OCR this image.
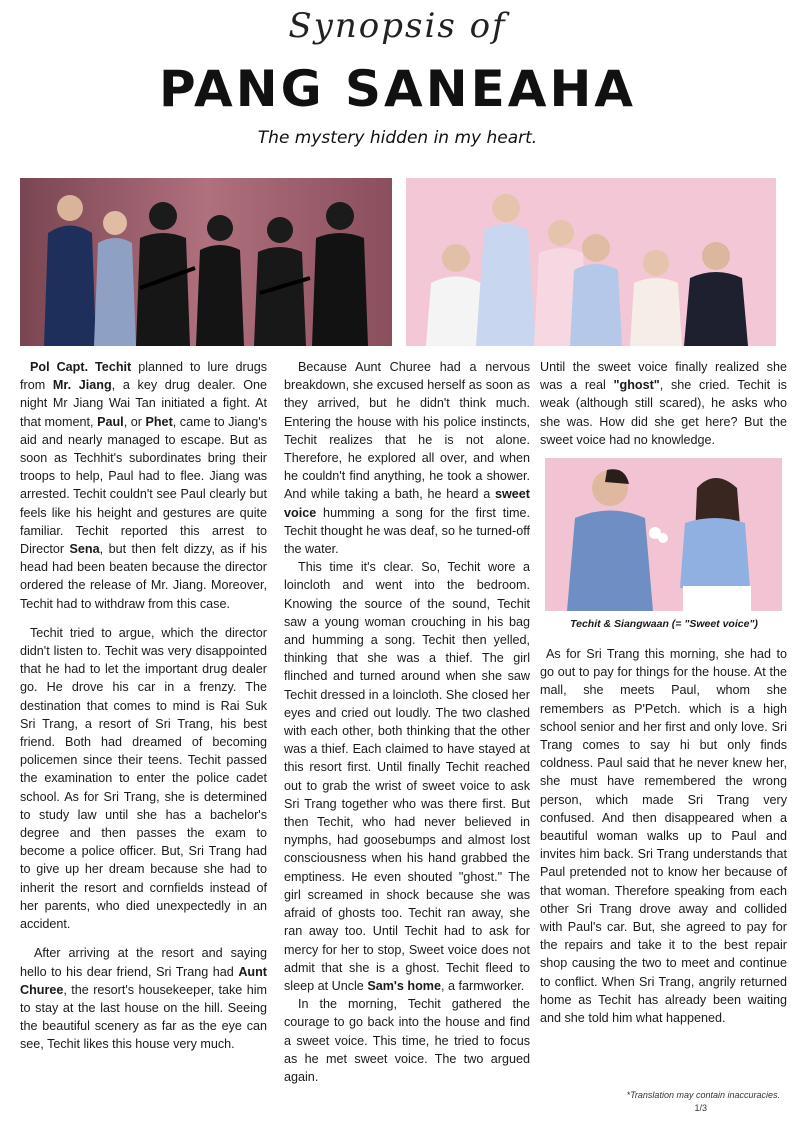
Synopsis of
PANG SANEAHA
The mystery hidden in my heart.
Techit & Siangwaan (= "Sweet voice")

Pol Capt. Techit planned to lure drugs from Mr. Jiang, a key drug dealer. One night Mr Jiang Wai Tan initiated a fight. At that moment, Paul, or Phet, came to Jiang's aid and nearly managed to escape. But as soon as Techhit's subordinates bring their troops to help, Paul had to flee. Jiang was arrested. Techit couldn't see Paul clearly but feels like his height and gestures are quite familiar. Techit reported this arrest to Director Sena, but then felt dizzy, as if his head had been beaten because the director ordered the release of Mr. Jiang. Moreover, Techit had to withdraw from this case.

Techit tried to argue, which the director didn't listen to. Techit was very disappointed that he had to let the important drug dealer go. He drove his car in a frenzy. The destination that comes to mind is Rai Suk Sri Trang, a resort of Sri Trang, his best friend. Both had dreamed of becoming policemen since their teens. Techit passed the examination to enter the police cadet school. As for Sri Trang, she is determined to study law until she has a bachelor's degree and then passes the exam to become a police officer. But, Sri Trang had to give up her dream because she had to inherit the resort and cornfields instead of her parents, who died unexpectedly in an accident.

After arriving at the resort and saying hello to his dear friend, Sri Trang had Aunt Churee, the resort's housekeeper, take him to stay at the last house on the hill. Seeing the beautiful scenery as far as the eye can see, Techit likes this house very much.

Because Aunt Churee had a nervous breakdown, she excused herself as soon as they arrived, but he didn't think much. Entering the house with his police instincts, Techit realizes that he is not alone. Therefore, he explored all over, and when he couldn't find anything, he took a shower. And while taking a bath, he heard a sweet voice humming a song for the first time. Techit thought he was deaf, so he turned-off the water.

This time it's clear. So, Techit wore a loincloth and went into the bedroom. Knowing the source of the sound, Techit saw a young woman crouching in his bag and humming a song. Techit then yelled, thinking that she was a thief. The girl flinched and turned around when she saw Techit dressed in a loincloth. She closed her eyes and cried out loudly. The two clashed with each other, both thinking that the other was a thief. Each claimed to have stayed at this resort first. Until finally Techit reached out to grab the wrist of sweet voice to ask Sri Trang together who was there first. But then Techit, who had never believed in nymphs, had goosebumps and almost lost consciousness when his hand grabbed the emptiness. He even shouted "ghost." The girl screamed in shock because she was afraid of ghosts too. Techit ran away, she ran away too. Until Techit had to ask for mercy for her to stop, Sweet voice does not admit that she is a ghost. Techit fleed to sleep at Uncle Sam's home, a farmworker.

In the morning, Techit gathered the courage to go back into the house and find a sweet voice. This time, he tried to focus as he met sweet voice. The two argued again.

Until the sweet voice finally realized she was a real "ghost", she cried. Techit is weak (although still scared), he asks who she was. How did she get here? But the sweet voice had no knowledge.

As for Sri Trang this morning, she had to go out to pay for things for the house. At the mall, she meets Paul, whom she remembers as P'Petch. which is a high school senior and her first and only love. Sri Trang comes to say hi but only finds coldness. Paul said that he never knew her, she must have remembered the wrong person, which made Sri Trang very confused. And then disappeared when a beautiful woman walks up to Paul and invites him back. Sri Trang understands that Paul pretended not to know her because of that woman. Therefore speaking from each other Sri Trang drove away and collided with Paul's car. But, she agreed to pay for the repairs and take it to the best repair shop causing the two to meet and continue to conflict. When Sri Trang, angrily returned home as Techit has already been waiting and she told him what happened.

*Translation may contain inaccuracies.
1/3
